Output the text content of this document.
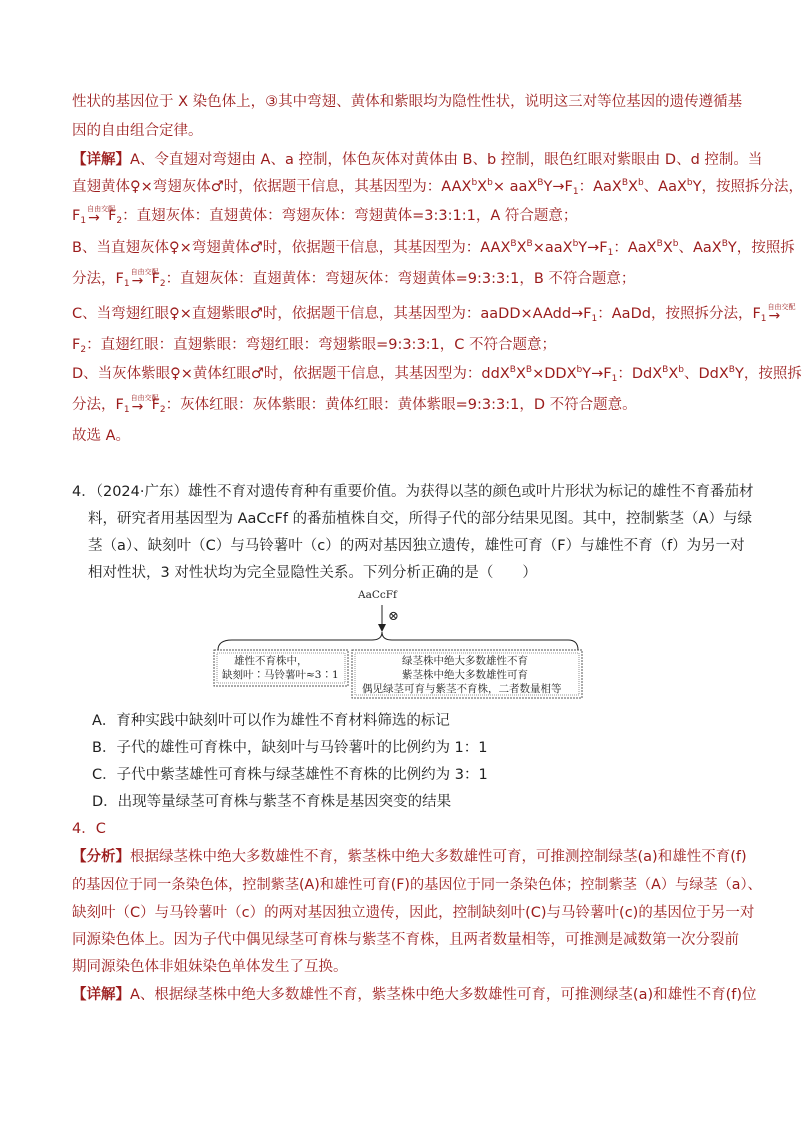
性状的基因位于 X 染色体上，③其中弯翅、黄体和紫眼均为隐性性状，说明这三对等位基因的遗传遵循基
因的自由组合定律。
【详解】A、令直翅对弯翅由 A、a 控制，体色灰体对黄体由 B、b 控制，眼色红眼对紫眼由 D、d 控制。当
直翅黄体♀×弯翅灰体♂时，依据题干信息，其基因型为：$AAX^bX^b\times aaX^BY\to F_1$：$AaX^BX^b$、AaX$^b$Y，按照拆分法，
$F_1$
自由交配
→ $F_2$：直翅灰体：直翅黄体：弯翅灰体：弯翅黄体=3:3:1:1，A 符合题意；
B、当直翅灰体♀×弯翅黄体♂时，依据题干信息，其基因型为：$AAX^BX^B\times aaX^bY\to F_1$：$AaX^BX^b$、AaX$^B$Y，按照拆
分法，$F_1$
自由交配
→ $F_2$：直翅灰体：直翅黄体：弯翅灰体：弯翅黄体=9:3:3:1，B 不符合题意；
C、当弯翅红眼♀×直翅紫眼♂时，依据题干信息，其基因型为：$aaDD\times AAdd\to F_1$：AaDd，按照拆分法，$F_1$
自由交配
→
$F_2$：直翅红眼：直翅紫眼：弯翅红眼：弯翅紫眼=9:3:3:1，C 不符合题意；
D、当灰体紫眼♀×黄体红眼♂时，依据题干信息，其基因型为：$ddX^BX^B\times DDX^bY\to F_1$：$DdX^BX^b$、DdX$^B$Y，按照拆
分法，$F_1$
自由交配
→ $F_2$：灰体红眼：灰体紫眼：黄体红眼：黄体紫眼=9:3:3:1，D 不符合题意。
故选 A。
4．（2024·广东）雄性不育对遗传育种有重要价值。为获得以茎的颜色或叶片形状为标记的雄性不育番茄材
料，研究者用基因型为 AaCcFf 的番茄植株自交，所得子代的部分结果见图。其中，控制紫茎（A）与绿
茎（a）、缺刻叶（C）与马铃薯叶（c）的两对基因独立遗传，雄性可育（F）与雄性不育（f）为另一对
相对性状，3 对性状均为完全显隐性关系。下列分析正确的是（　　）
AaCcFf
⊗
雄性不育株中，
缺刻叶∶马铃薯叶≈3∶1
绿茎株中绝大多数雄性不育
紫茎株中绝大多数雄性可育
偶见绿茎可育与紫茎不育株，二者数量相等
A．育种实践中缺刻叶可以作为雄性不育材料筛选的标记
B．子代的雄性可育株中，缺刻叶与马铃薯叶的比例约为 1：1
C．子代中紫茎雄性可育株与绿茎雄性不育株的比例约为 3：1
D．出现等量绿茎可育株与紫茎不育株是基因突变的结果
4．C
【分析】根据绿茎株中绝大多数雄性不育，紫茎株中绝大多数雄性可育，可推测控制绿茎(a)和雄性不育(f)
的基因位于同一条染色体，控制紫茎(A)和雄性可育(F)的基因位于同一条染色体；控制紫茎（A）与绿茎（a）、
缺刻叶（C）与马铃薯叶（c）的两对基因独立遗传，因此，控制缺刻叶(C)与马铃薯叶(c)的基因位于另一对
同源染色体上。因为子代中偶见绿茎可育株与紫茎不育株，且两者数量相等，可推测是减数第一次分裂前
期同源染色体非姐妹染色单体发生了互换。
【详解】A、根据绿茎株中绝大多数雄性不育，紫茎株中绝大多数雄性可育，可推测绿茎(a)和雄性不育(f)位
